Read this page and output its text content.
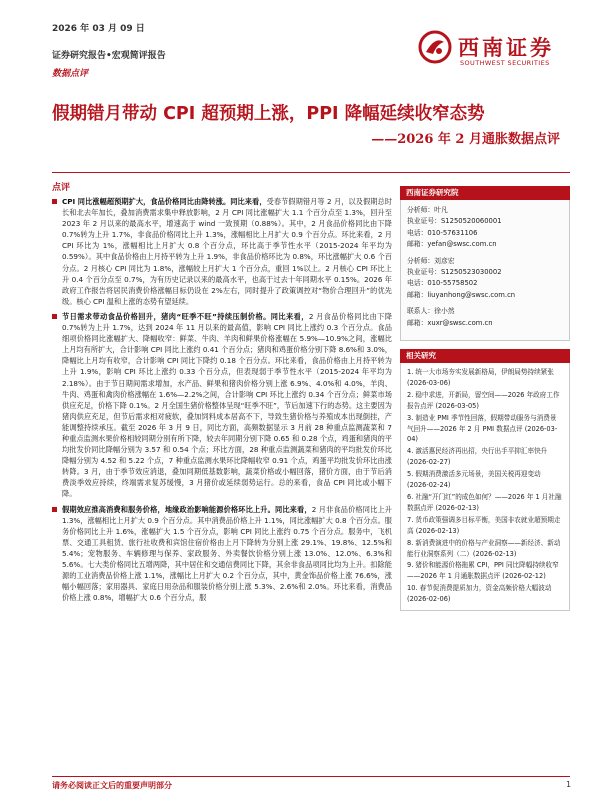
2026 年 03 月 09 日
证券研究报告•宏观简评报告
数据点评
西南证券
SOUTHWEST SECURITIES
假期错月带动 CPI 超预期上涨，PPI 降幅延续收窄态势
——2026 年 2 月通胀数据点评
点评
CPI 同比涨幅超预期扩大，食品价格同比由降转涨。同比来看，受春节假期错月等 2 月，以及假期总时长和北去年加长，叠加消费需求集中释放影响，2 月 CPI 同比涨幅扩大 1.1 个百分点至 1.3%，回升至 2023 年 2 月以来的最高水平，增速高于 wind 一致预期（0.88%）。其中，2 月食品价格同比由下降 0.7%转为上升 1.7%，非食品价格同比上升 1.3%，涨幅相比上月扩大 0.9 个百分点。环比来看，2 月 CPI 环比为 1%，涨幅相比上月扩大 0.8 个百分点，环比高于季节性水平（2015-2024 年平均为 0.59%）。其中食品价格由上月持平转为上升 1.9%，非食品价格环比为 0.8%，环比涨幅扩大 0.6 个百分点。2 月核心 CPI 同比为 1.8%，涨幅较上月扩大 1 个百分点，重回 1%以上。2 月核心 CPI 环比上升 0.4 个百分点至 0.7%，为有历史记录以来的最高水平，也高于过去十年同期水平 0.15%。2026 年政府工作报告将居民消费价格涨幅目标仍设在 2%左右，同时提升了政策调控对“物价合理回升”的优先级。核心 CPI 温和上涨的态势有望延续。
节日需求带动食品价格回升，猪肉“旺季不旺”持续压制价格。同比来看，2 月食品价格同比由下降 0.7%转为上升 1.7%，达到 2024 年 11 月以来的最高值，影响 CPI 同比上涨约 0.3 个百分点。食品细项价格同比涨幅扩大、降幅收窄：鲜菜、牛肉、羊肉和鲜果价格涨幅在 5.9%—10.9%之间，涨幅比上月均有所扩大，合计影响 CPI 同比上涨约 0.41 个百分点；猪肉和鸡蛋价格分别下降 8.6%和 3.0%，降幅比上月均有收窄，合计影响 CPI 同比下降约 0.18 个百分点。环比来看，食品价格由上月持平转为上升 1.9%，影响 CPI 环比上涨约 0.33 个百分点，但表现弱于季节性水平（2015-2024 年平均为 2.18%）。由于节日期间需求增加，水产品、鲜果和猪肉价格分别上涨 6.9%、4.0%和 4.0%，羊肉、牛肉、鸡蛋和禽肉价格涨幅在 1.6%—2.2%之间，合计影响 CPI 环比上涨约 0.34 个百分点；鲜菜市场供应充足，价格下降 0.1%。2 月全国生猪价格整体呈现“旺季不旺”，节后加速下行的态势。这主要因为猪肉供应充足，但节后需求相对疲软，叠加饲料成本居高不下，导致生猪价格与养殖成本出现倒挂，产能调整持续承压。截至 2026 年 3 月 9 日，同比方面，高频数据显示 3 月前 28 种重点监测蔬菜和 7 种重点监测水果价格相较同期分别有所下降，较去年同期分别下降 0.65 和 0.28 个点，鸡蛋和猪肉的平均批发价同比降幅分别为 3.57 和 0.54 个点；环比方面，28 种重点监测蔬菜和猪肉的平均批发价环比降幅分别为 4.52 和 5.22 个点，7 种重点监测水果环比降幅收窄 0.91 个点，鸡蛋平均批发价环比由涨转降。3 月，由于季节效应消退，叠加同期低基数影响，蔬菜价格或小幅回落，猪价方面，由于节后消费淡季效应持续，终端需求复苏缓慢，3 月猪价或延续弱势运行。总的来看，食品 CPI 同比或小幅下降。
假期效应推高消费和服务价格，地缘政治影响能源价格环比上升。同比来看，2 月非食品价格同比上升 1.3%，涨幅相比上月扩大 0.9 个百分点。其中消费品价格上升 1.1%，同比涨幅扩大 0.8 个百分点。服务价格同比上升 1.6%，涨幅扩大 1.5 个百分点，影响 CPI 同比上涨约 0.75 个百分点。服务中，飞机票、交通工具租赁、旅行社收费和宾馆住宿价格由上月下降转为分别上涨 29.1%、19.8%、12.5%和 5.4%；宠物服务、车辆修理与保养、家政服务、外卖餐饮价格分别上涨 13.0%、12.0%、6.3%和 5.6%。七大类价格同比五增两降，其中居住和交通信费同比下降，其余非食品项同比均为上升。扣除能源的工业消费品价格上涨 1.1%，涨幅比上月扩大 0.2 个百分点，其中，黄金饰品价格上涨 76.6%，涨幅小幅回落；家用器具、家庭日用杂品和服装价格分别上涨 5.3%、2.6%和 2.0%。环比来看，消费品价格上涨 0.8%，增幅扩大 0.6 个百分点，服
西南证券研究院
分析师：叶凡
执业证号：S1250520060001
电话：010-57631106
邮箱：yefan@swsc.com.cn
分析师：刘彦宏
执业证号：S1250523030002
电话：010-55758502
邮箱：liuyanhong@swsc.com.cn
联系人：徐小然
邮箱：xuxr@swsc.com.cn
相关研究
1. 统一大市场夯实发展新格局，伊朗局势持续紧张 (2026-03-06)
2. 稳中求进，开新局，留空间——2026 年政府工作报告点评 (2026-03-05)
3. 制造业 PMI 季节性回落，假期带动服务与消费景气回升——2026 年 2 月 PMI 数据点评 (2026-03-04)
4. 激活惠民经济再出招，央行出手平抑汇率快升 (2026-02-27)
5. 假期消费激活多元场景，美国关税再迎变动 (2026-02-24)
6. 社融“开门红”的成色如何？——2026 年 1 月社融数据点评 (2026-02-13)
7. 货币政策强调多目标平衡，美国非农就业超预期走高 (2026-02-13)
8. 新消费演进中的价格与产业洞察——新经济、新动能行业洞察系列（二）(2026-02-13)
9. 猪价和能源价格拖累 CPI，PPI 同比降幅持续收窄——2026 年 1 月通胀数据点评 (2026-02-12)
10. 春节促消费提质加力，资金高频价格大幅波动 (2026-02-06)
请务必阅读正文后的重要声明部分	1
